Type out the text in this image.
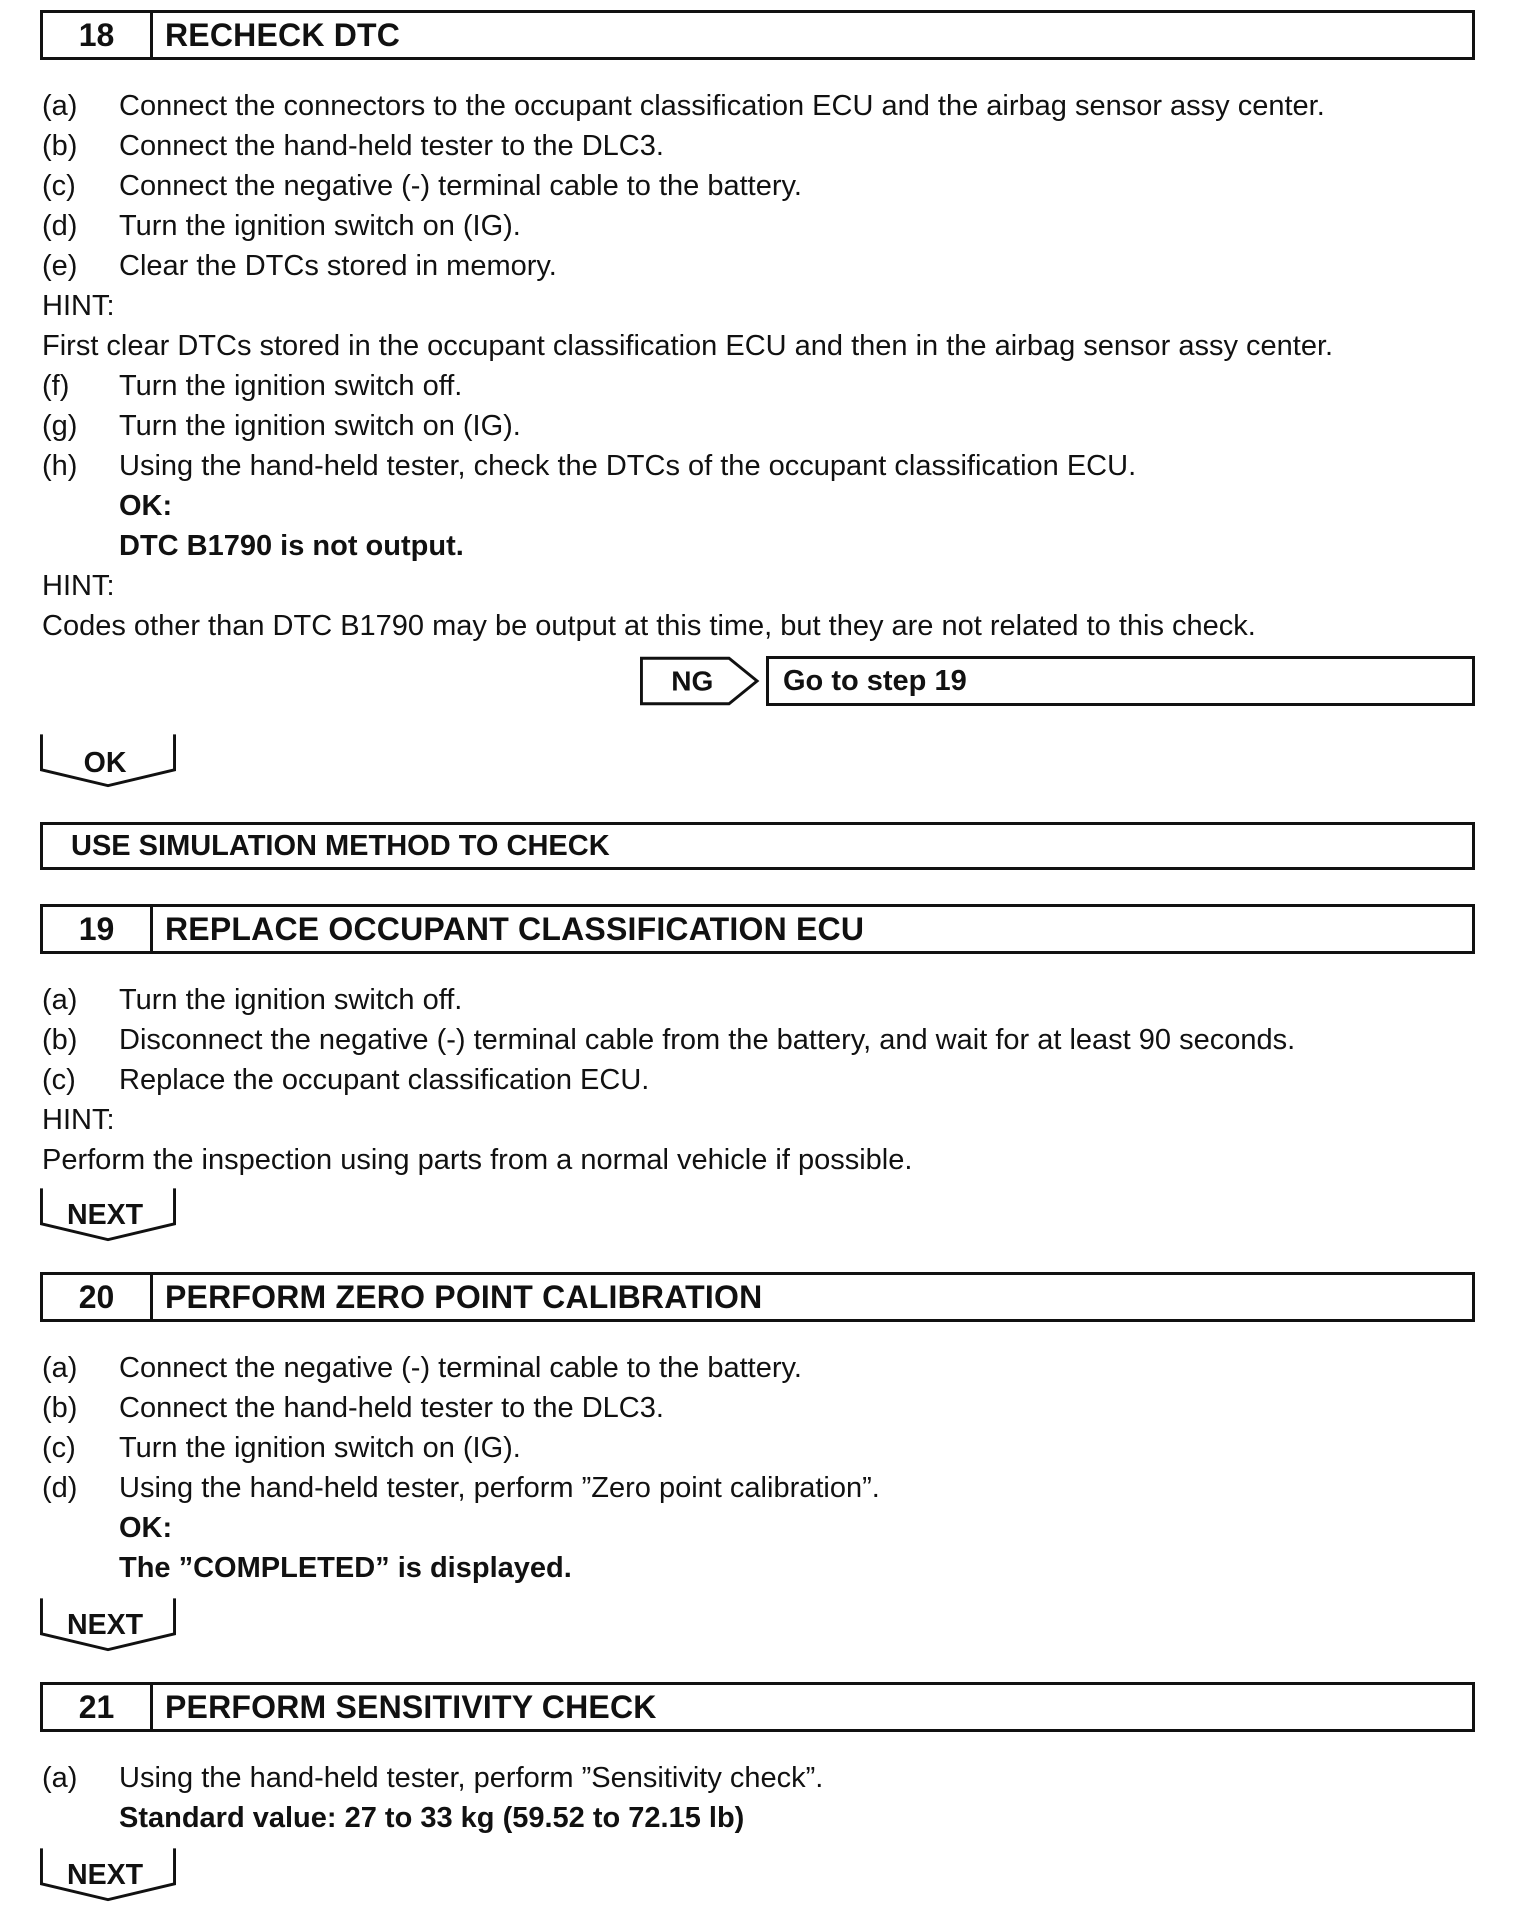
18	RECHECK DTC
(a) Connect the connectors to the occupant classification ECU and the airbag sensor assy center.
(b) Connect the hand-held tester to the DLC3.
(c) Connect the negative (-) terminal cable to the battery.
(d) Turn the ignition switch on (IG).
(e) Clear the DTCs stored in memory.
HINT:
First clear DTCs stored in the occupant classification ECU and then in the airbag sensor assy center.
(f) Turn the ignition switch off.
(g) Turn the ignition switch on (IG).
(h) Using the hand-held tester, check the DTCs of the occupant classification ECU.
OK:
DTC B1790 is not output.
HINT:
Codes other than DTC B1790 may be output at this time, but they are not related to this check.
NG	Go to step 19
OK
USE SIMULATION METHOD TO CHECK
19	REPLACE OCCUPANT CLASSIFICATION ECU
(a) Turn the ignition switch off.
(b) Disconnect the negative (-) terminal cable from the battery, and wait for at least 90 seconds.
(c) Replace the occupant classification ECU.
HINT:
Perform the inspection using parts from a normal vehicle if possible.
NEXT
20	PERFORM ZERO POINT CALIBRATION
(a) Connect the negative (-) terminal cable to the battery.
(b) Connect the hand-held tester to the DLC3.
(c) Turn the ignition switch on (IG).
(d) Using the hand-held tester, perform ”Zero point calibration”.
OK:
The ”COMPLETED” is displayed.
NEXT
21	PERFORM SENSITIVITY CHECK
(a) Using the hand-held tester, perform ”Sensitivity check”.
Standard value: 27 to 33 kg (59.52 to 72.15 lb)
NEXT
